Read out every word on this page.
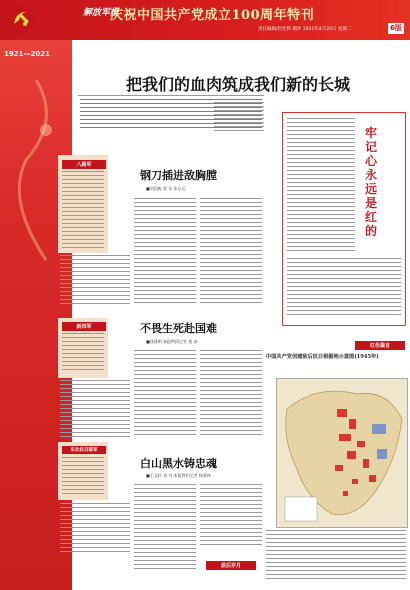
解放军报
庆祝中国共产党成立100周年特刊
责任编辑/赵宏铁 制作 2021年4月20日 星期二	6版
1921—2021
把我们的血肉筑成我们新的长城
八路军
钢刀插进敌胸膛
■刘国栋 贾 军 张京运
新四军	不畏生死赴国难
■钱建明 本报特约记者 贾 真
东北抗日联军
白山黑水铸忠魂
■王文轩 刘 丹 本报特约记者 杨春林
图片设计：刘 云 向晓光
制 版：杨冬明	敌后岁月
牢记心永远是红的
红色箴言
中国共产党创建敌后抗日根据地示意图(1945年)
